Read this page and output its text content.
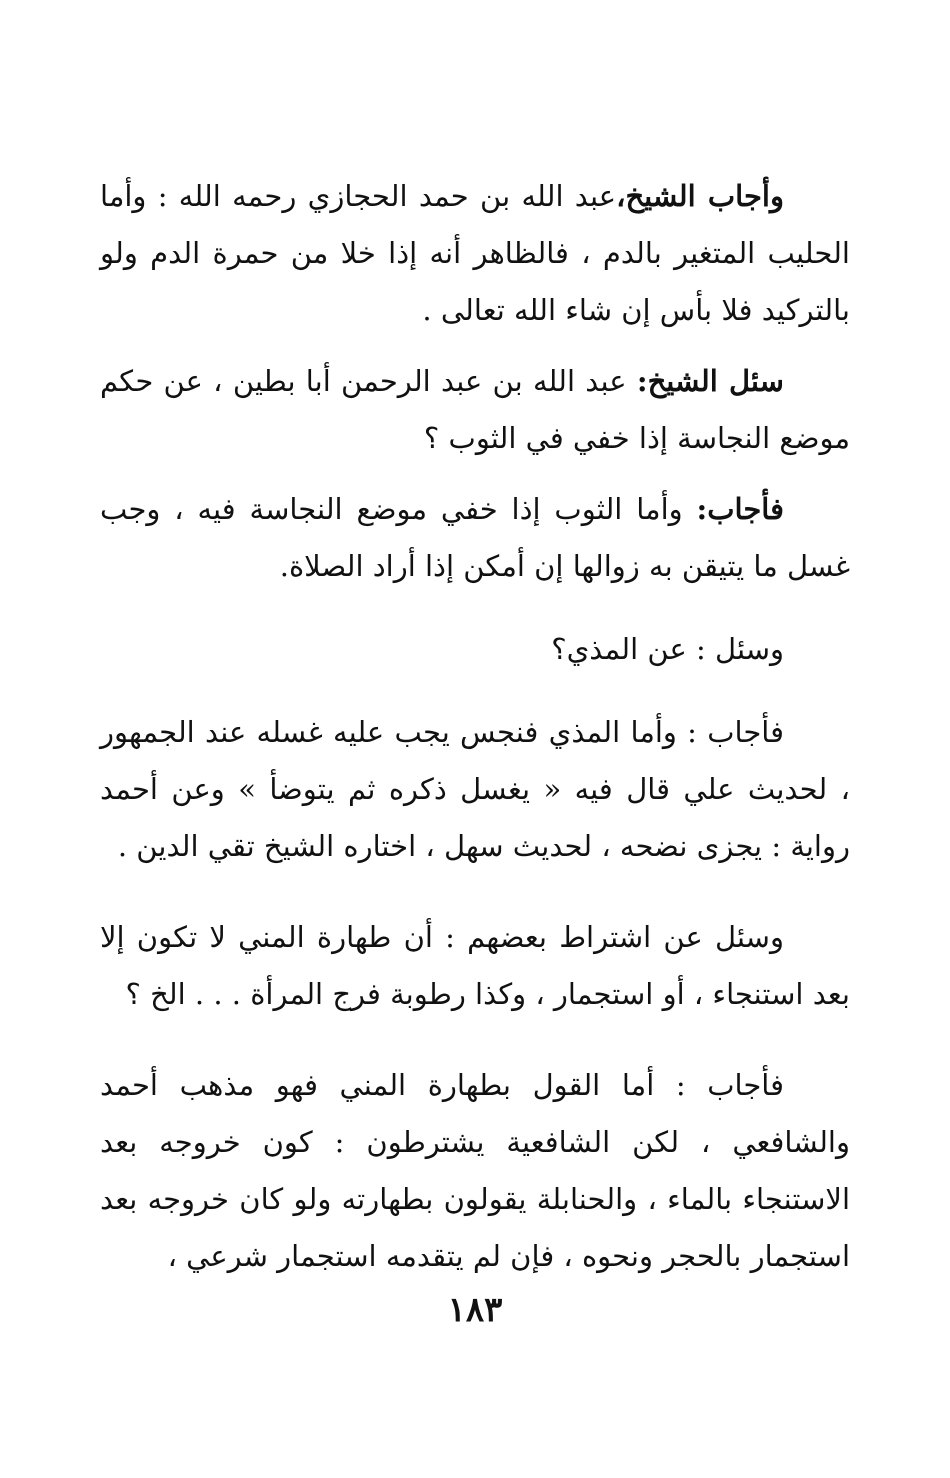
وأجاب الشيخ،عبد الله بن حمد الحجازي رحمه الله : وأما الحليب المتغير بالدم ، فالظاهر أنه إذا خلا من حمرة الدم ولو بالتركيد فلا بأس إن شاء الله تعالى .

سئل الشيخ: عبد الله بن عبد الرحمن أبا بطين ، عن حكم موضع النجاسة إذا خفي في الثوب ؟

فأجاب: وأما الثوب إذا خفي موضع النجاسة فيه ، وجب غسل ما يتيقن به زوالها إن أمكن إذا أراد الصلاة.

وسئل : عن المذي؟

فأجاب : وأما المذي فنجس يجب عليه غسله عند الجمهور ، لحديث علي قال فيه « يغسل ذكره ثم يتوضأ » وعن أحمد رواية : يجزى نضحه ، لحديث سهل ، اختاره الشيخ تقي الدين .

وسئل عن اشتراط بعضهم : أن طهارة المني لا تكون إلا بعد استنجاء ، أو استجمار ، وكذا رطوبة فرج المرأة . . . الخ ؟

فأجاب : أما القول بطهارة المني فهو مذهب أحمد والشافعي ، لكن الشافعية يشترطون : كون خروجه بعد الاستنجاء بالماء ، والحنابلة يقولون بطهارته ولو كان خروجه بعد استجمار بالحجر ونحوه ، فإن لم يتقدمه استجمار شرعي ،

١٨٣
